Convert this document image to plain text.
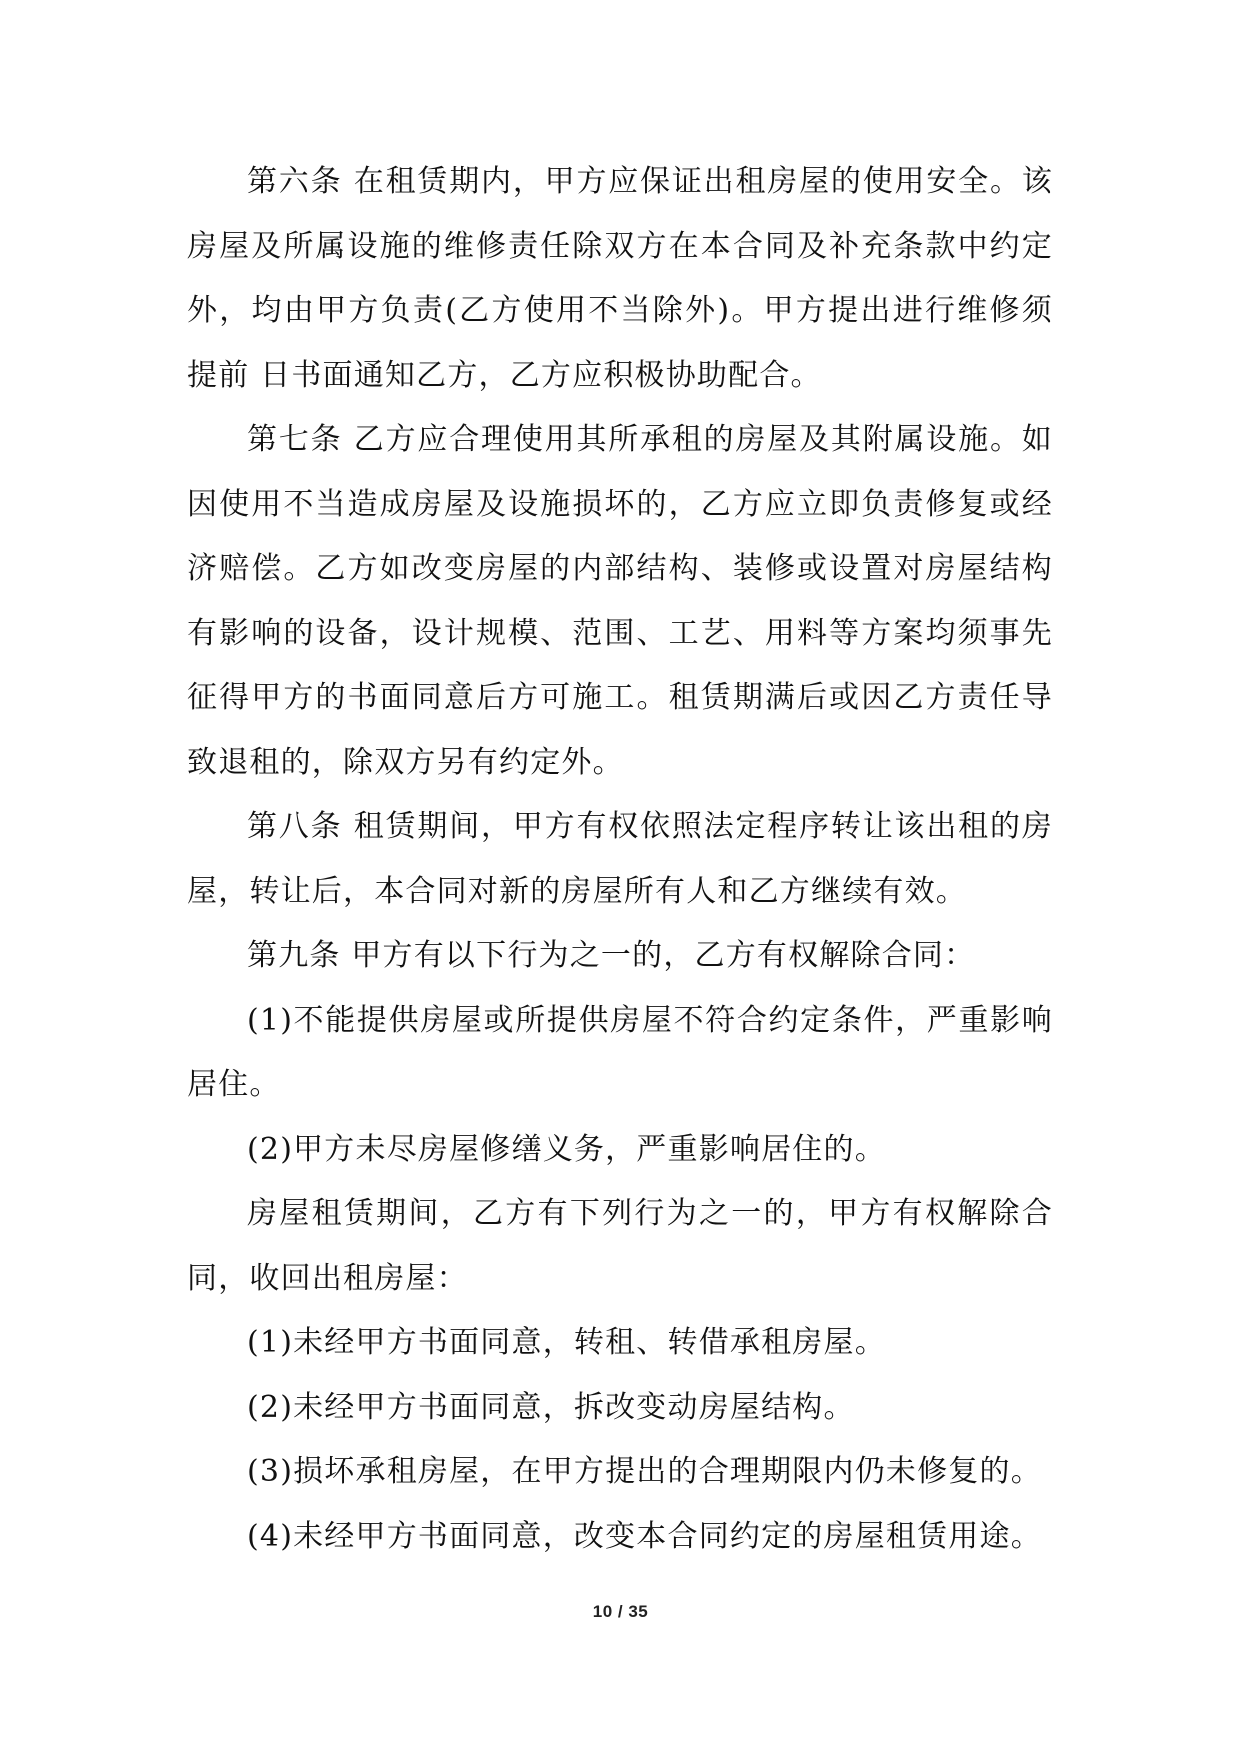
第六条 在租赁期内，甲方应保证出租房屋的使用安全。该房屋及所属设施的维修责任除双方在本合同及补充条款中约定外，均由甲方负责(乙方使用不当除外)。甲方提出进行维修须提前 日书面通知乙方，乙方应积极协助配合。

第七条 乙方应合理使用其所承租的房屋及其附属设施。如因使用不当造成房屋及设施损坏的，乙方应立即负责修复或经济赔偿。乙方如改变房屋的内部结构、装修或设置对房屋结构有影响的设备，设计规模、范围、工艺、用料等方案均须事先征得甲方的书面同意后方可施工。租赁期满后或因乙方责任导致退租的，除双方另有约定外。

第八条 租赁期间，甲方有权依照法定程序转让该出租的房屋，转让后，本合同对新的房屋所有人和乙方继续有效。

第九条 甲方有以下行为之一的，乙方有权解除合同：

(1)不能提供房屋或所提供房屋不符合约定条件，严重影响居住。

(2)甲方未尽房屋修缮义务，严重影响居住的。

房屋租赁期间，乙方有下列行为之一的，甲方有权解除合同，收回出租房屋：

(1)未经甲方书面同意，转租、转借承租房屋。

(2)未经甲方书面同意，拆改变动房屋结构。

(3)损坏承租房屋，在甲方提出的合理期限内仍未修复的。

(4)未经甲方书面同意，改变本合同约定的房屋租赁用途。

10 / 35
